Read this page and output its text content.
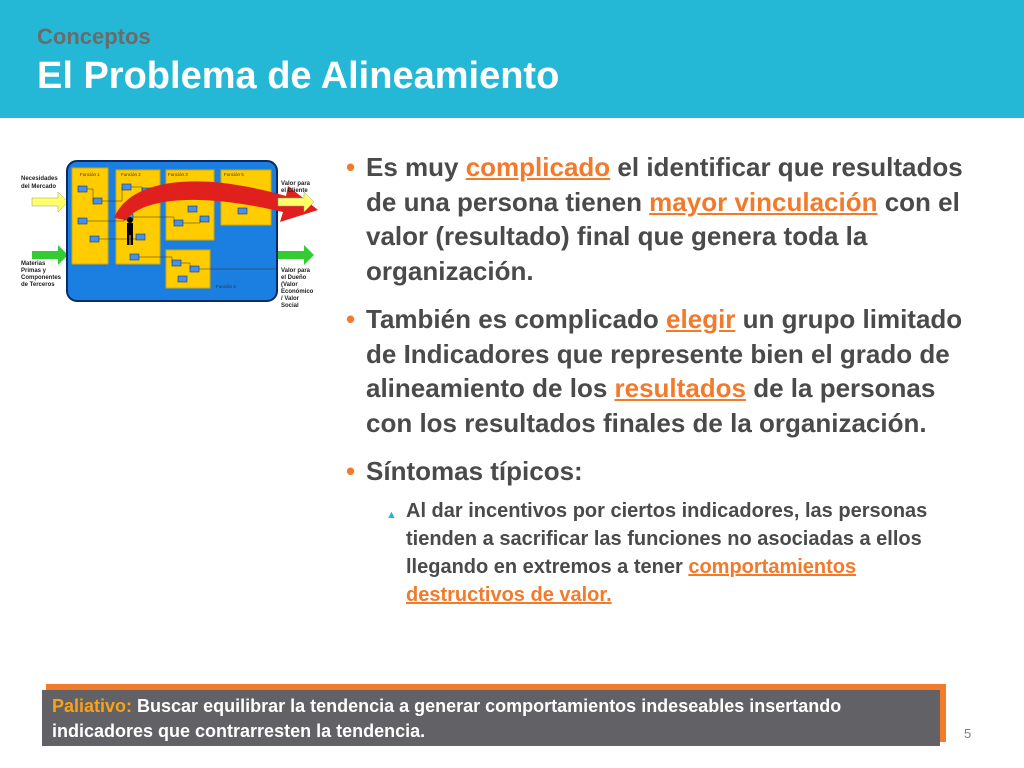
Conceptos
El Problema de Alineamiento
Necesidades
del Mercado
Materias
Primas y
Componentes
de Terceros
Función 1	Función 2	Función 3	Función 5
Función 4
Valor para
el Cliente
Valor para
el Dueño
(Valor
Económico
/ Valor
Social
• Es muy complicado el identificar que resultados de una persona tienen mayor vinculación con el valor (resultado) final que genera toda la organización.
• También es complicado elegir un grupo limitado de Indicadores que represente bien el grado de alineamiento de los resultados de la personas con los resultados finales de la organización.
• Síntomas típicos:
▲ Al dar incentivos por ciertos indicadores, las personas tienden a sacrificar las funciones no asociadas a ellos llegando en extremos a tener comportamientos destructivos de valor.
Paliativo: Buscar equilibrar la tendencia a generar comportamientos indeseables insertando indicadores que contrarresten la tendencia.	5
